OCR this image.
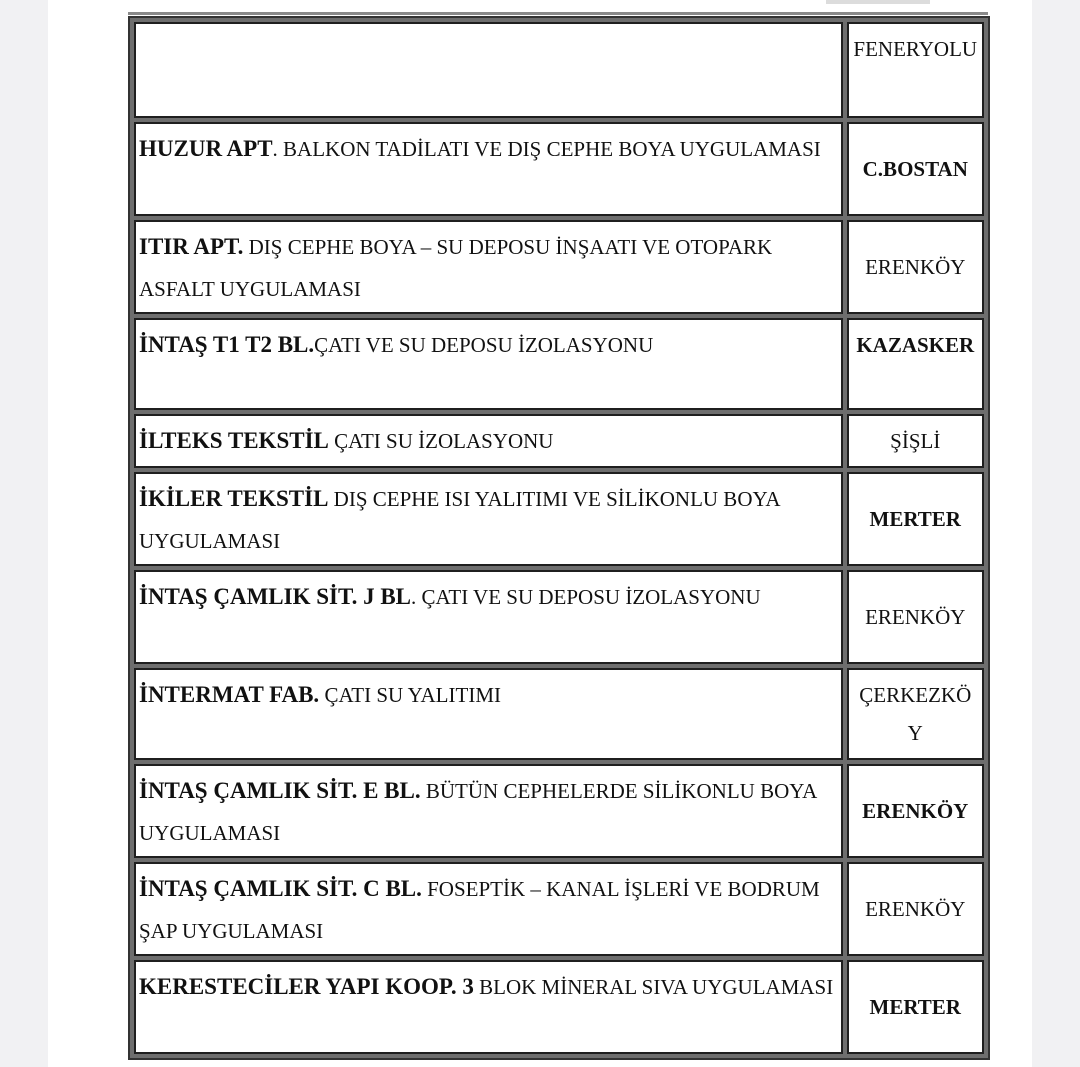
	FENERYOLU
HUZUR APT. BALKON TADİLATI VE DIŞ CEPHE BOYA UYGULAMASI	C.BOSTAN
ITIR APT. DIŞ CEPHE BOYA – SU DEPOSU İNŞAATI VE OTOPARK ASFALT UYGULAMASI	ERENKÖY
İNTAŞ T1 T2 BL.ÇATI VE SU DEPOSU İZOLASYONU	KAZASKER
İLTEKS TEKSTİL ÇATI SU İZOLASYONU	ŞİŞLİ
İKİLER TEKSTİL DIŞ CEPHE ISI YALITIMI VE SİLİKONLU BOYA UYGULAMASI	MERTER
İNTAŞ ÇAMLIK SİT. J BL. ÇATI VE SU DEPOSU İZOLASYONU	ERENKÖY
İNTERMAT FAB. ÇATI SU YALITIMI	ÇERKEZKÖY
İNTAŞ ÇAMLIK SİT. E BL. BÜTÜN CEPHELERDE SİLİKONLU BOYA UYGULAMASI	ERENKÖY
İNTAŞ ÇAMLIK SİT. C BL. FOSEPTİK – KANAL İŞLERİ VE BODRUM ŞAP UYGULAMASI	ERENKÖY
KERESTECİLER YAPI KOOP. 3 BLOK MİNERAL SIVA UYGULAMASI	MERTER
